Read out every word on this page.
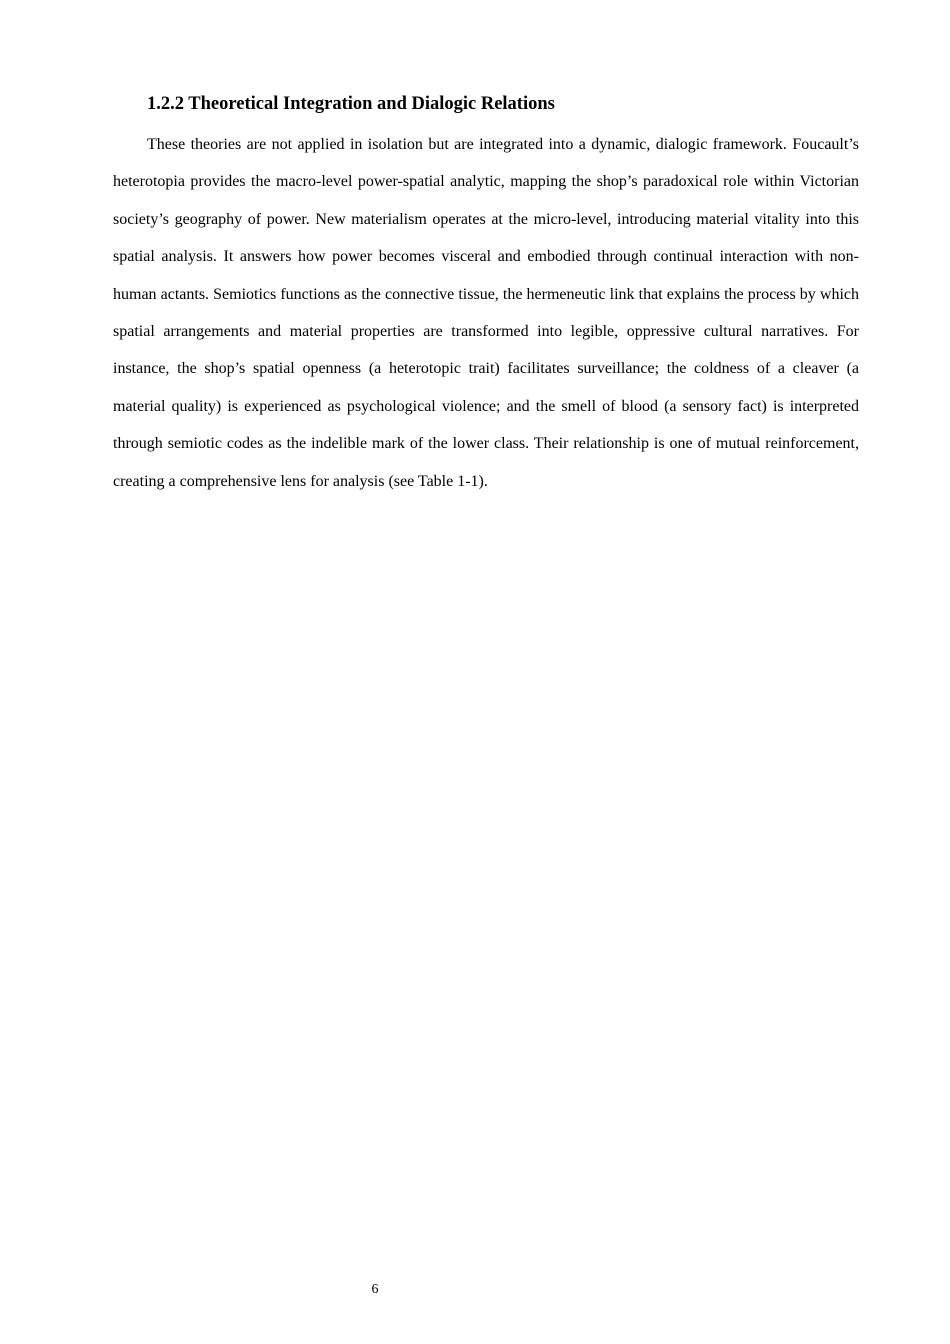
1.2.2 Theoretical Integration and Dialogic Relations

These theories are not applied in isolation but are integrated into a dynamic, dialogic framework. Foucault’s heterotopia provides the macro-level power-spatial analytic, mapping the shop’s paradoxical role within Victorian society’s geography of power. New materialism operates at the micro-level, introducing material vitality into this spatial analysis. It answers how power becomes visceral and embodied through continual interaction with non-human actants. Semiotics functions as the connective tissue, the hermeneutic link that explains the process by which spatial arrangements and material properties are transformed into legible, oppressive cultural narratives. For instance, the shop’s spatial openness (a heterotopic trait) facilitates surveillance; the coldness of a cleaver (a material quality) is experienced as psychological violence; and the smell of blood (a sensory fact) is interpreted through semiotic codes as the indelible mark of the lower class. Their relationship is one of mutual reinforcement, creating a comprehensive lens for analysis (see Table 1-1).

6
